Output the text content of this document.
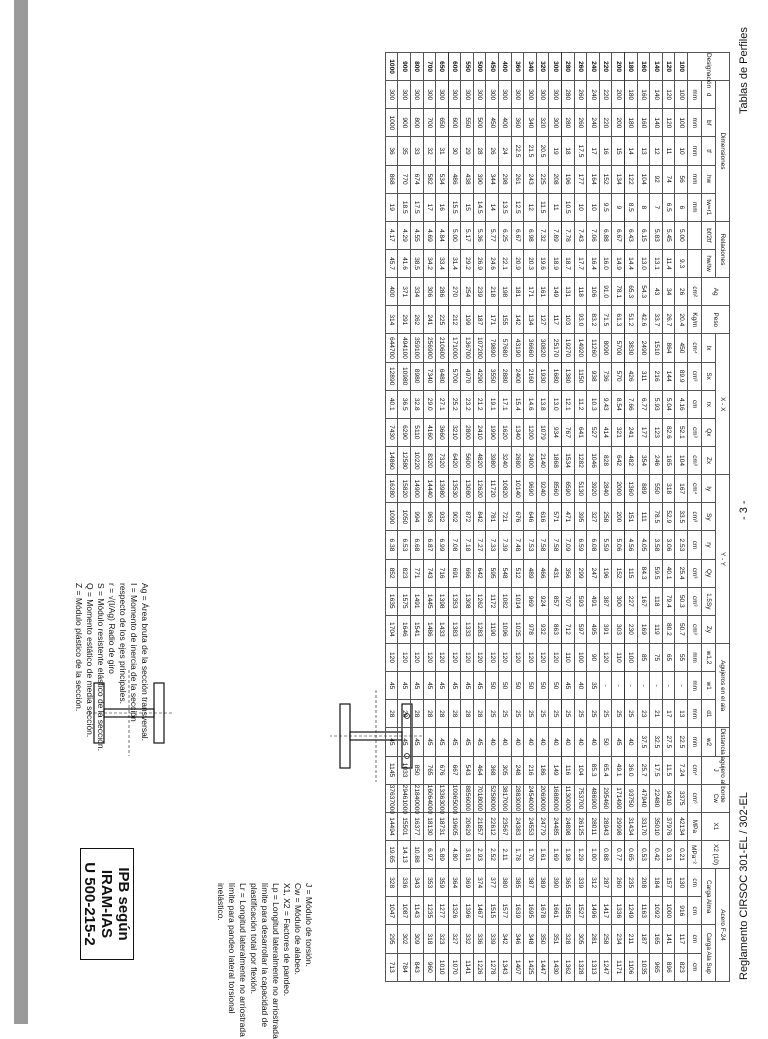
Reglamento CIRSOC 301-EL / 302-EL
- 3 -
Tablas de Perfiles
IPB según
IRAM-IAS
U 500-215-2
Ag = Área bruta de la sección transversal.
I = Momento de inercia de la sección
respecto de los ejes principales.
r = √(I/Ag) Radio de giro
S = Módulo resistente elástico de la sección.
Q = Momento estático de media sección.
Z = Módulo plástico de la sección.
J = Módulo de torsión.
Cw = Módulo de alabeo.
X1, X2 = Factores de pandeo.
Lp = Longitud lateralmente no arriostrada
límite para desarrollar la capacidad de
plastificación total por flexión.
Lr = Longitud lateralmente no arriostrada
límite para pandeo lateral torsional
inelástico.
Designación	Dimensiones					Relaciones		Ag	Peso	X - X					Y - Y						Agujeros en el ala			Distancia agujero al borde	J	Cw	X1	X2 (10)	Acero F-24			
	d	bf	tf	hw	tw=r1	bf/2tf	hw/tw			Ix	Sx	rx	Qx	Zx	Iy	Sy	ry	Qy	1.5Sy	Zy	w1,2	w1	d1	w2					Carga Alma		Carga Ala Sup	
	mm	mm	mm	mm	mm			cm²	Kg/m	cm⁴	cm³	cm	cm³	cm³	cm⁴	cm³	cm	cm³	cm³	cm³	mm	mm	mm	mm	cm⁴	cm⁶	MPa	MPa⁻²	cm	cm	cm	cm
100	100	100	10	56	6	5.00	9.3	26	20.4	450	89.9	4.16	52.1	104	167	33.5	2.53	25.4	50.3	50.7	55	-	13	22.5	7.24	3375	42134	0.21	130	916	117	823
120	120	120	11	74	6.5	5.45	11.4	34	26.7	864	144	5.04	82.6	165	318	52.9	3.06	40.1	79.4	80.2	65	-	17	27.5	11.5	9410	37976	0.31	157	1000	141	896
140	140	140	12	92	7	5.83	13.1	43	33.7	1510	216	5.93	123	246	550	78.5	3.58	59.5	118	119	75	-	21	32.5	17.5	22480	35010	0.42	184	1092	165	965
160	160	160	13	104	8	6.15	13.0	54.3	42.6	2490	311	6.77	177	354	889	111	4.05	84.3	167	169	85	-	23	37.5	25.7	47940	33170	0.53	208	1163	187	1035
180	180	180	14	122	8.5	6.43	14.4	65.3	51.2	3830	426	7.66	241	482	1360	151	4.56	115	227	230	100	-	25	40	36.0	93750	31434	0.65	235	1249	211	1106
200	200	200	15	134	9	6.67	14.9	78.1	61.3	5700	570	8.54	321	642	2000	200	5.06	152	300	303	110	-	25	45	49.1	171490	29998	0.77	260	1336	234	1171
220	220	220	16	152	9.5	6.88	16.0	91.0	71.5	8090	736	9.43	414	828	2840	258	5.59	196	387	391	120	-	25	50	65.4	295460	28943	0.88	287	1417	258	1247
240	240	240	17	164	10	7.06	16.4	106	83.2	11260	938	10.3	527	1046	3920	327	6.08	247	491	495	90	35	25	40	85.3	486900	28011	1.00	312	1496	281	1313
260	260	260	17.5	177	10	7.43	17.7	118	93.0	14920	1150	11.2	641	1282	5130	395	6.59	299	593	597	100	40	25	40	104	753700	26125	1.29	339	1527	305	1328
280	280	280	18	196	10.5	7.78	18.7	131	103	19270	1380	12.1	767	1534	6590	471	7.09	356	707	712	110	45	25	40	116	1130000	24898	1.98	365	1585	328	1362
300	300	300	19	208	11	7.89	18.9	149	117	25170	1680	13.0	934	1868	8560	571	7.58	431	857	863	120	50	25	40	149	1688000	24485	1.69	390	1661	351	1430
320	300	320	20.5	225	11.5	7.32	19.6	161	127	30820	1930	13.8	1079	2140	9240	616	7.58	466	924	932	120	50	25	40	186	2069000	24779	1.61	389	1678	350	1447
340	300	340	21.5	243	12	6.98	20.3	171	134	36660	2160	14.6	1200	2400	9690	646	7.53	489	969	978	120	50	25	40	216	2454000	24553	1.70	387	1695	348	1425
360	300	360	22.5	261	12.5	6.67	20.9	181	142	43190	2400	15.4	1340	2680	10140	676	7.48	512	1014	1025	120	50	25	40	248	2883000	24383	1.78	385	1639	346	1407
400	300	400	24	298	13.5	6.25	22.1	198	155	57680	2880	17.1	1620	3240	10820	721	7.39	548	1082	1096	120	50	25	40	305	3817000	23567	2.11	380	1577	342	1343
450	300	450	26	344	14	5.77	24.6	218	171	79890	3550	19.1	1990	3980	11720	781	7.33	595	1172	1190	120	50	25	40	368	5258000	22612	2.52	377	1515	339	1278
500	300	500	28	390	14.5	5.36	26.9	239	187	107200	4290	21.2	2410	4820	12620	842	7.27	642	1262	1283	120	45	28	45	464	7018000	21857	2.93	374	1467	336	1226
550	300	550	29	438	15	5.17	29.2	254	199	136700	4970	23.2	2800	5600	13080	872	7.18	666	1308	1333	120	45	28	45	543	8856000	20629	3.61	369	1396	332	1141
600	300	600	30	486	15.5	5.00	31.4	270	212	171000	5700	25.2	3210	6420	13530	902	7.08	691	1353	1383	120	45	28	45	667	10965000	19605	4.80	364	1326	327	1070
650	300	650	31	534	16	4.84	33.4	286	225	210600	6480	27.1	3660	7320	13980	932	6.99	716	1398	1433	120	45	28	45	676	13363000	18731	5.89	359	1277	323	1010
700	300	700	32	582	17	4.69	34.2	306	241	256900	7340	29.0	4160	8320	14440	963	6.87	743	1445	1486	120	45	28	45	765	16064000	18130	6.97	353	1235	318	960
800	300	800	33	674	17.5	4.55	38.5	334	262	359100	8980	32.8	5110	10220	14900	994	6.68	771	1491	1541	120	45	28	45	850	21840000	16377	10.88	343	1143	309	843
900	300	900	35	770	18.5	4.29	41.6	371	291	494100	10980	36.5	6290	12580	15820	1050	6.53	823	1575	1646	120	45	28	45	1033	29461000	15501	14.13	336	1087	302	784
1000	300	1000	36	868	19	4.17	45.7	400	314	644700	12890	40.1	7430	14860	16280	1090	6.38	852	1635	1704	120	45	28	45	1145	37637000	14494	19.65	328	1047	295	713
